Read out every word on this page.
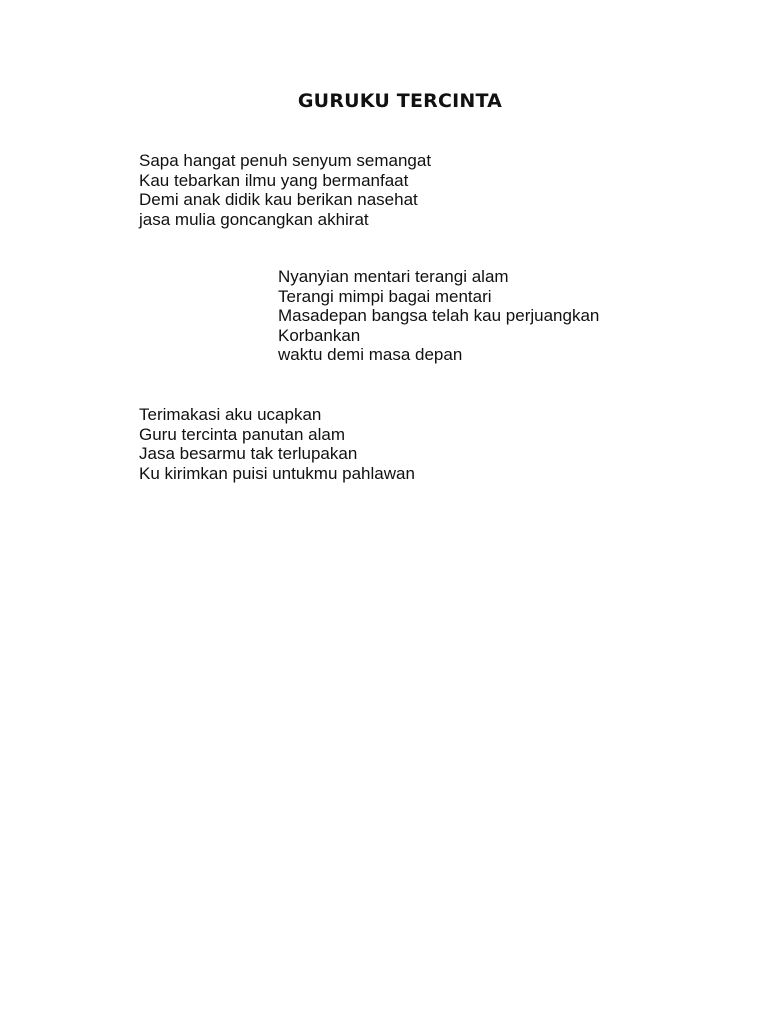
GURUKU TERCINTA
Sapa hangat penuh senyum semangat
Kau tebarkan ilmu yang bermanfaat
Demi anak didik kau berikan nasehat
jasa mulia goncangkan akhirat
Nyanyian mentari terangi alam
Terangi mimpi bagai mentari
Masadepan bangsa telah kau perjuangkan
Korbankan
waktu demi masa depan
Terimakasi aku ucapkan
Guru tercinta panutan alam
Jasa besarmu tak terlupakan
Ku kirimkan puisi untukmu pahlawan
